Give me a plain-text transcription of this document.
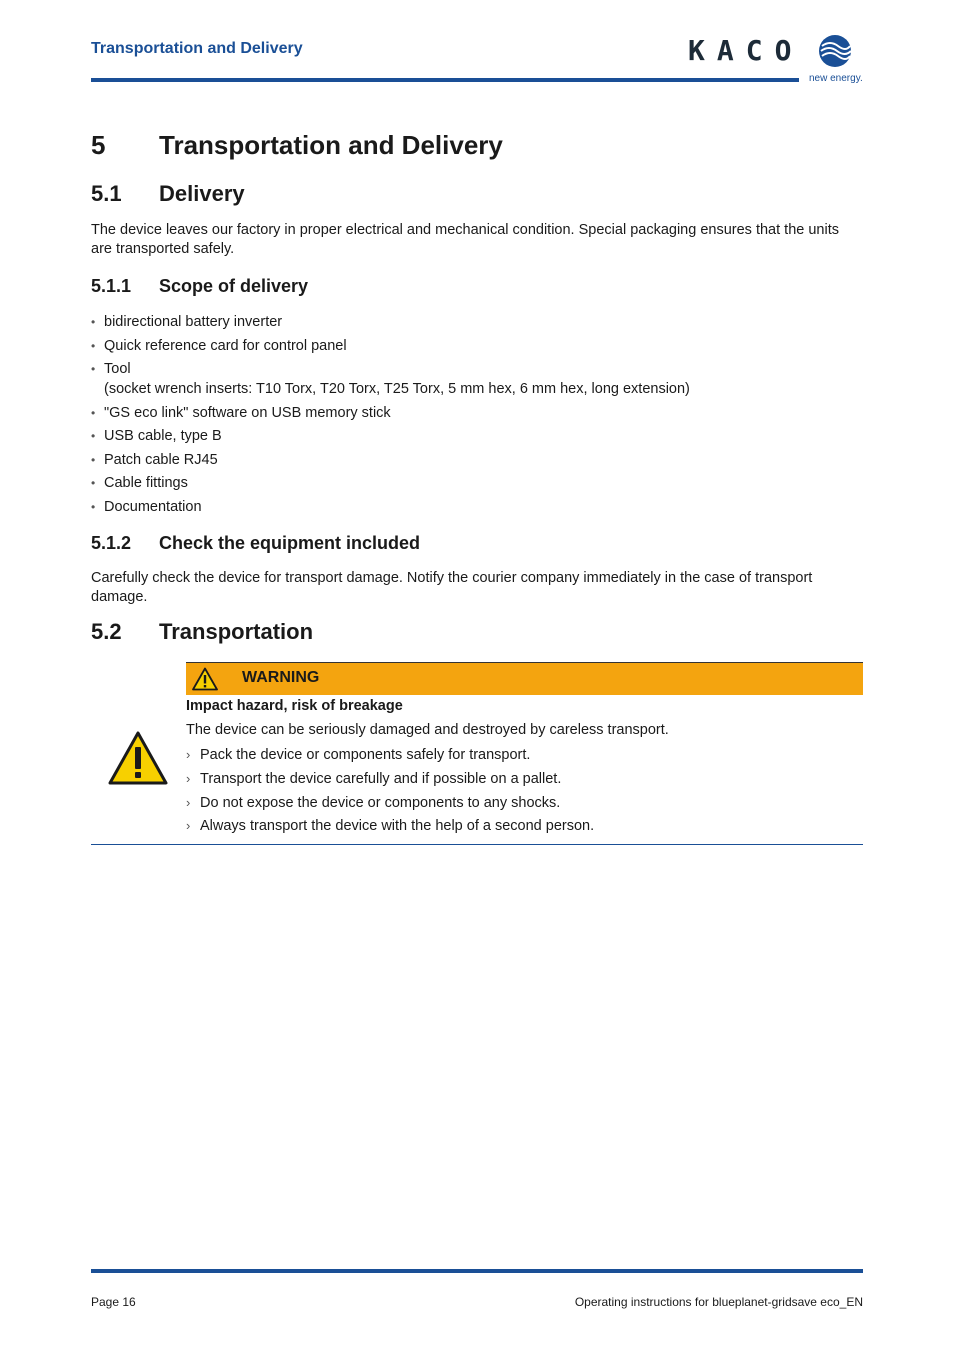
Transportation and Delivery	KACO
new energy.
5 Transportation and Delivery
5.1 Delivery
The device leaves our factory in proper electrical and mechanical condition. Special packaging ensures that the units are transported safely.
5.1.1 Scope of delivery
• bidirectional battery inverter
• Quick reference card for control panel
• Tool
(socket wrench inserts: T10 Torx, T20 Torx, T25 Torx, 5 mm hex, 6 mm hex, long extension)
• "GS eco link" software on USB memory stick
• USB cable, type B
• Patch cable RJ45
• Cable fittings
• Documentation
5.1.2 Check the equipment included
Carefully check the device for transport damage. Notify the courier company immediately in the case of transport damage.
5.2 Transportation
WARNING
Impact hazard, risk of breakage
The device can be seriously damaged and destroyed by careless transport.
› Pack the device or components safely for transport.
› Transport the device carefully and if possible on a pallet.
› Do not expose the device or components to any shocks.
› Always transport the device with the help of a second person.
Page 16	Operating instructions for blueplanet-gridsave eco_EN
